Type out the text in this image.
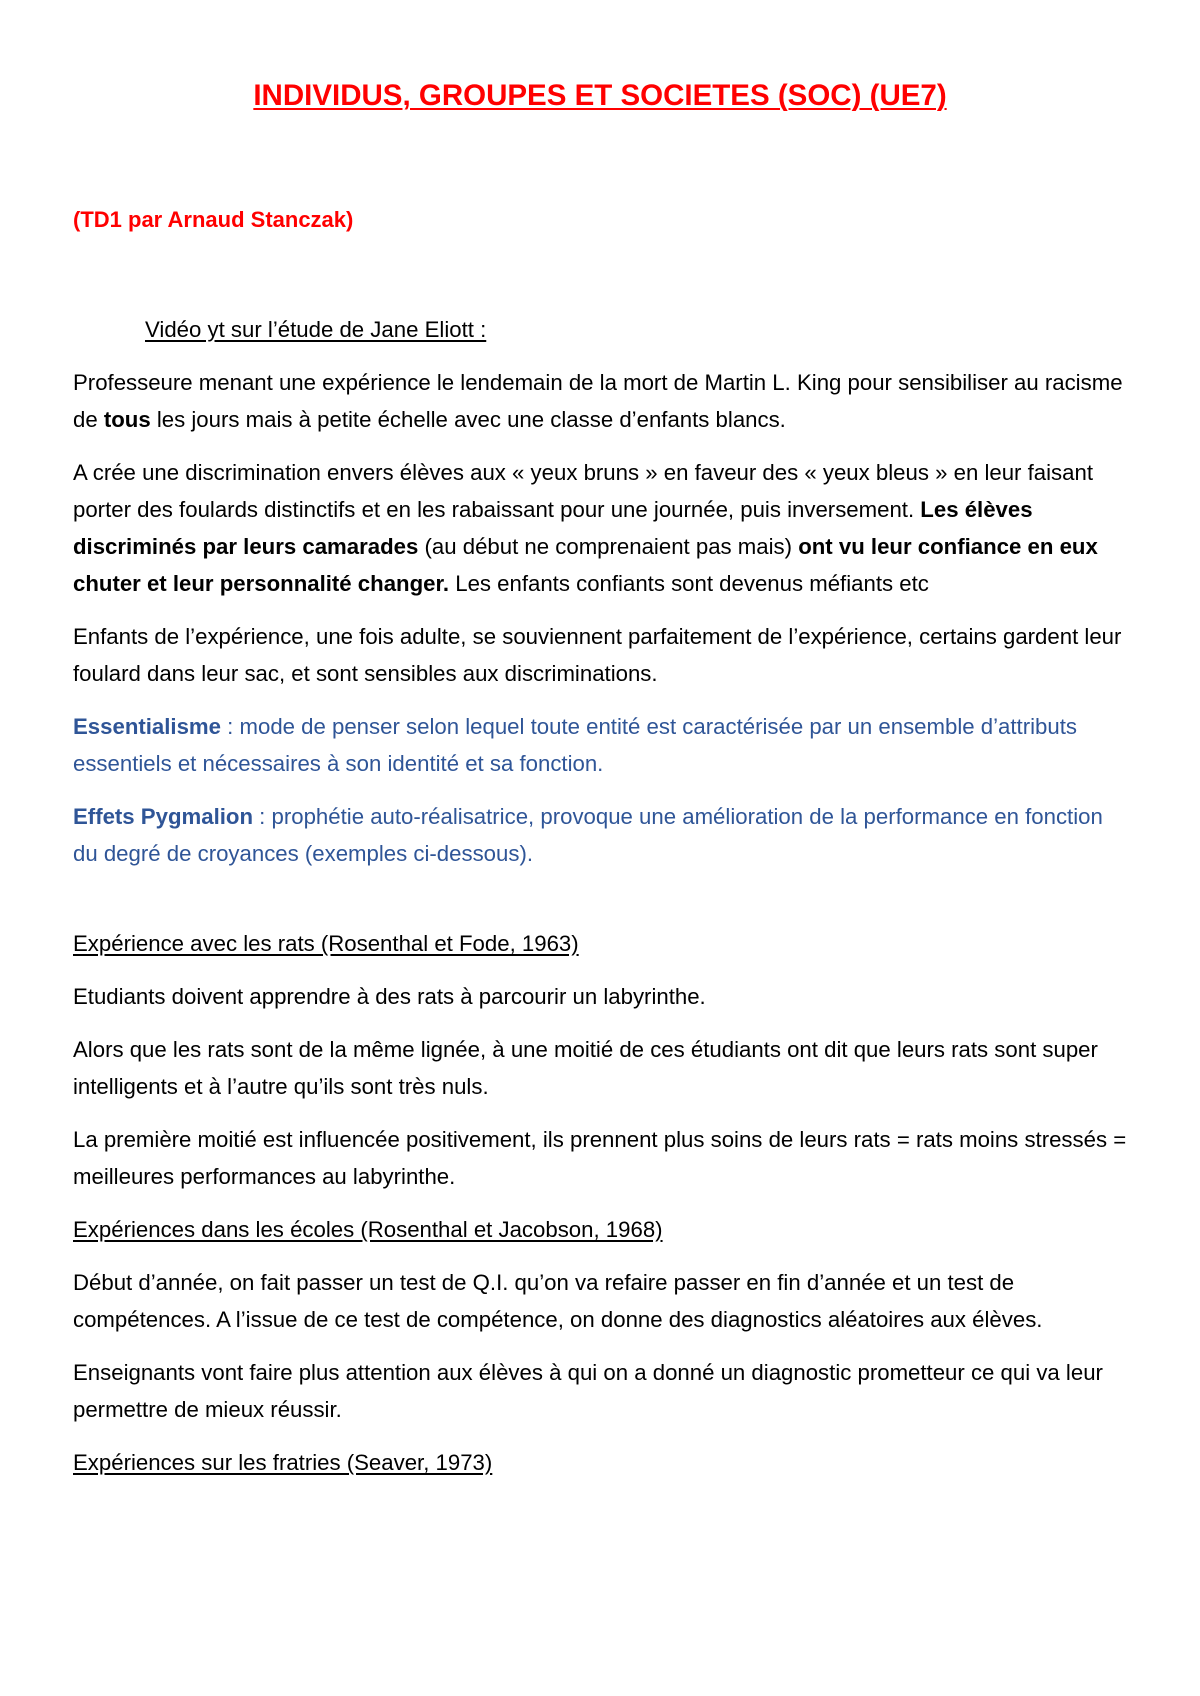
INDIVIDUS, GROUPES ET SOCIETES (SOC) (UE7)

(TD1 par Arnaud Stanczak)

Vidéo yt sur l’étude de Jane Eliott :

Professeure menant une expérience le lendemain de la mort de Martin L. King pour sensibiliser au racisme de tous les jours mais à petite échelle avec une classe d’enfants blancs.

A crée une discrimination envers élèves aux « yeux bruns » en faveur des « yeux bleus » en leur faisant porter des foulards distinctifs et en les rabaissant pour une journée, puis inversement. Les élèves discriminés par leurs camarades (au début ne comprenaient pas mais) ont vu leur confiance en eux chuter et leur personnalité changer. Les enfants confiants sont devenus méfiants etc

Enfants de l’expérience, une fois adulte, se souviennent parfaitement de l’expérience, certains gardent leur foulard dans leur sac, et sont sensibles aux discriminations.

Essentialisme : mode de penser selon lequel toute entité est caractérisée par un ensemble d’attributs essentiels et nécessaires à son identité et sa fonction.

Effets Pygmalion : prophétie auto-réalisatrice, provoque une amélioration de la performance en fonction du degré de croyances (exemples ci-dessous).

Expérience avec les rats (Rosenthal et Fode, 1963)

Etudiants doivent apprendre à des rats à parcourir un labyrinthe.

Alors que les rats sont de la même lignée, à une moitié de ces étudiants ont dit que leurs rats sont super intelligents et à l’autre qu’ils sont très nuls.

La première moitié est influencée positivement, ils prennent plus soins de leurs rats = rats moins stressés = meilleures performances au labyrinthe.

Expériences dans les écoles (Rosenthal et Jacobson, 1968)

Début d’année, on fait passer un test de Q.I. qu’on va refaire passer en fin d’année et un test de compétences. A l’issue de ce test de compétence, on donne des diagnostics aléatoires aux élèves.

Enseignants vont faire plus attention aux élèves à qui on a donné un diagnostic prometteur ce qui va leur permettre de mieux réussir.

Expériences sur les fratries (Seaver, 1973)
